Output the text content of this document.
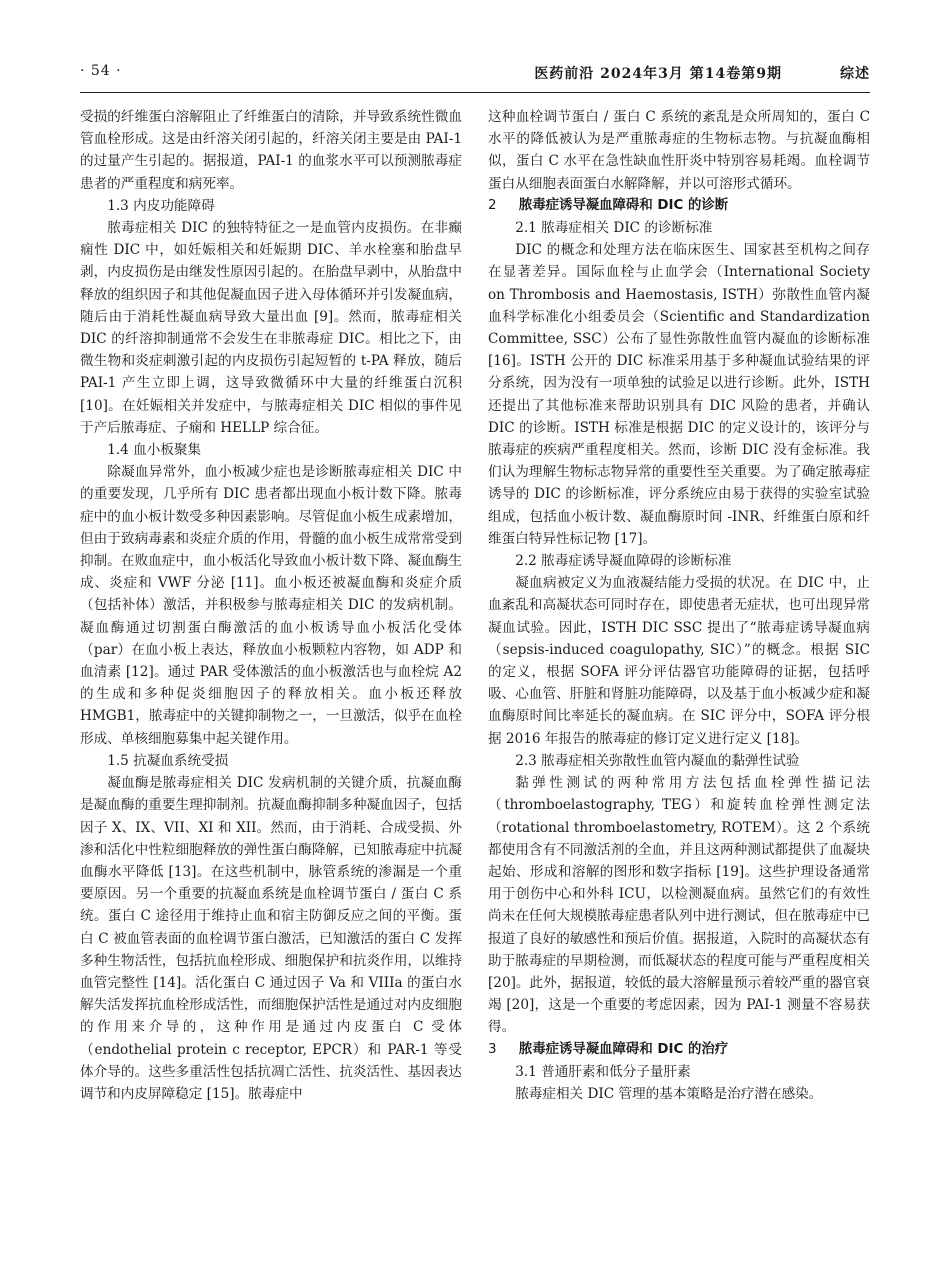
· 54 ·	医药前沿 2024年3月 第14卷第9期	综述

受损的纤维蛋白溶解阻止了纤维蛋白的清除，并导致系统性微血管血栓形成。这是由纤溶关闭引起的，纤溶关闭主要是由 PAI-1 的过量产生引起的。据报道，PAI-1 的血浆水平可以预测脓毒症患者的严重程度和病死率。

1.3 内皮功能障碍

脓毒症相关 DIC 的独特特征之一是血管内皮损伤。在非癫痫性 DIC 中，如妊娠相关和妊娠期 DIC、羊水栓塞和胎盘早剥，内皮损伤是由继发性原因引起的。在胎盘早剥中，从胎盘中释放的组织因子和其他促凝血因子进入母体循环并引发凝血病，随后由于消耗性凝血病导致大量出血 [9]。然而，脓毒症相关 DIC 的纤溶抑制通常不会发生在非脓毒症 DIC。相比之下，由微生物和炎症刺激引起的内皮损伤引起短暂的 t-PA 释放，随后 PAI-1 产生立即上调，这导致微循环中大量的纤维蛋白沉积 [10]。在妊娠相关并发症中，与脓毒症相关 DIC 相似的事件见于产后脓毒症、子痫和 HELLP 综合征。

1.4 血小板聚集

除凝血异常外，血小板减少症也是诊断脓毒症相关 DIC 中的重要发现，几乎所有 DIC 患者都出现血小板计数下降。脓毒症中的血小板计数受多种因素影响。尽管促血小板生成素增加，但由于致病毒素和炎症介质的作用，骨髓的血小板生成常常受到抑制。在败血症中，血小板活化导致血小板计数下降、凝血酶生成、炎症和 VWF 分泌 [11]。血小板还被凝血酶和炎症介质（包括补体）激活，并积极参与脓毒症相关 DIC 的发病机制。凝血酶通过切割蛋白酶激活的血小板诱导血小板活化受体（par）在血小板上表达，释放血小板颗粒内容物，如 ADP 和血清素 [12]。通过 PAR 受体激活的血小板激活也与血栓烷 A2 的生成和多种促炎细胞因子的释放相关。血小板还释放 HMGB1，脓毒症中的关键抑制物之一，一旦激活，似乎在血栓形成、单核细胞募集中起关键作用。

1.5 抗凝血系统受损

凝血酶是脓毒症相关 DIC 发病机制的关键介质，抗凝血酶是凝血酶的重要生理抑制剂。抗凝血酶抑制多种凝血因子，包括因子 X、IX、VII、XI 和 XII。然而，由于消耗、合成受损、外渗和活化中性粒细胞释放的弹性蛋白酶降解，已知脓毒症中抗凝血酶水平降低 [13]。在这些机制中，脉管系统的渗漏是一个重要原因。另一个重要的抗凝血系统是血栓调节蛋白 / 蛋白 C 系统。蛋白 C 途径用于维持止血和宿主防御反应之间的平衡。蛋白 C 被血管表面的血栓调节蛋白激活，已知激活的蛋白 C 发挥多种生物活性，包括抗血栓形成、细胞保护和抗炎作用，以维持血管完整性 [14]。活化蛋白 C 通过因子 Va 和 VIIIa 的蛋白水解失活发挥抗血栓形成活性，而细胞保护活性是通过对内皮细胞的作用来介导的，这种作用是通过内皮蛋白 C 受体（endothelial protein c receptor, EPCR）和 PAR-1 等受体介导的。这些多重活性包括抗凋亡活性、抗炎活性、基因表达调节和内皮屏障稳定 [15]。脓毒症中

这种血栓调节蛋白 / 蛋白 C 系统的紊乱是众所周知的，蛋白 C 水平的降低被认为是严重脓毒症的生物标志物。与抗凝血酶相似，蛋白 C 水平在急性缺血性肝炎中特别容易耗竭。血栓调节蛋白从细胞表面蛋白水解降解，并以可溶形式循环。

2 脓毒症诱导凝血障碍和 DIC 的诊断
2.1 脓毒症相关 DIC 的诊断标准

DIC 的概念和处理方法在临床医生、国家甚至机构之间存在显著差异。国际血栓与止血学会（International Society on Thrombosis and Haemostasis, ISTH）弥散性血管内凝血科学标准化小组委员会（Scientific and Standardization Committee, SSC）公布了显性弥散性血管内凝血的诊断标准 [16]。ISTH 公开的 DIC 标准采用基于多种凝血试验结果的评分系统，因为没有一项单独的试验足以进行诊断。此外，ISTH 还提出了其他标准来帮助识别具有 DIC 风险的患者，并确认 DIC 的诊断。ISTH 标准是根据 DIC 的定义设计的，该评分与脓毒症的疾病严重程度相关。然而，诊断 DIC 没有金标准。我们认为理解生物标志物异常的重要性至关重要。为了确定脓毒症诱导的 DIC 的诊断标准，评分系统应由易于获得的实验室试验组成，包括血小板计数、凝血酶原时间 -INR、纤维蛋白原和纤维蛋白特异性标记物 [17]。

2.2 脓毒症诱导凝血障碍的诊断标准

凝血病被定义为血液凝结能力受损的状况。在 DIC 中，止血紊乱和高凝状态可同时存在，即使患者无症状，也可出现异常凝血试验。因此，ISTH DIC SSC 提出了“脓毒症诱导凝血病（sepsis-induced coagulopathy, SIC）”的概念。根据 SIC 的定义，根据 SOFA 评分评估器官功能障碍的证据，包括呼吸、心血管、肝脏和肾脏功能障碍，以及基于血小板减少症和凝血酶原时间比率延长的凝血病。在 SIC 评分中，SOFA 评分根据 2016 年报告的脓毒症的修订定义进行定义 [18]。

2.3 脓毒症相关弥散性血管内凝血的黏弹性试验

黏弹性测试的两种常用方法包括血栓弹性描记法（thromboelastography, TEG）和旋转血栓弹性测定法（rotational thromboelastometry, ROTEM）。这 2 个系统都使用含有不同激活剂的全血，并且这两种测试都提供了血凝块起始、形成和溶解的图形和数字指标 [19]。这些护理设备通常用于创伤中心和外科 ICU，以检测凝血病。虽然它们的有效性尚未在任何大规模脓毒症患者队列中进行测试，但在脓毒症中已报道了良好的敏感性和预后价值。据报道，入院时的高凝状态有助于脓毒症的早期检测，而低凝状态的程度可能与严重程度相关 [20]。此外，据报道，较低的最大溶解量预示着较严重的器官衰竭 [20]，这是一个重要的考虑因素，因为 PAI-1 测量不容易获得。

3 脓毒症诱导凝血障碍和 DIC 的治疗
3.1 普通肝素和低分子量肝素

脓毒症相关 DIC 管理的基本策略是治疗潜在感染。
